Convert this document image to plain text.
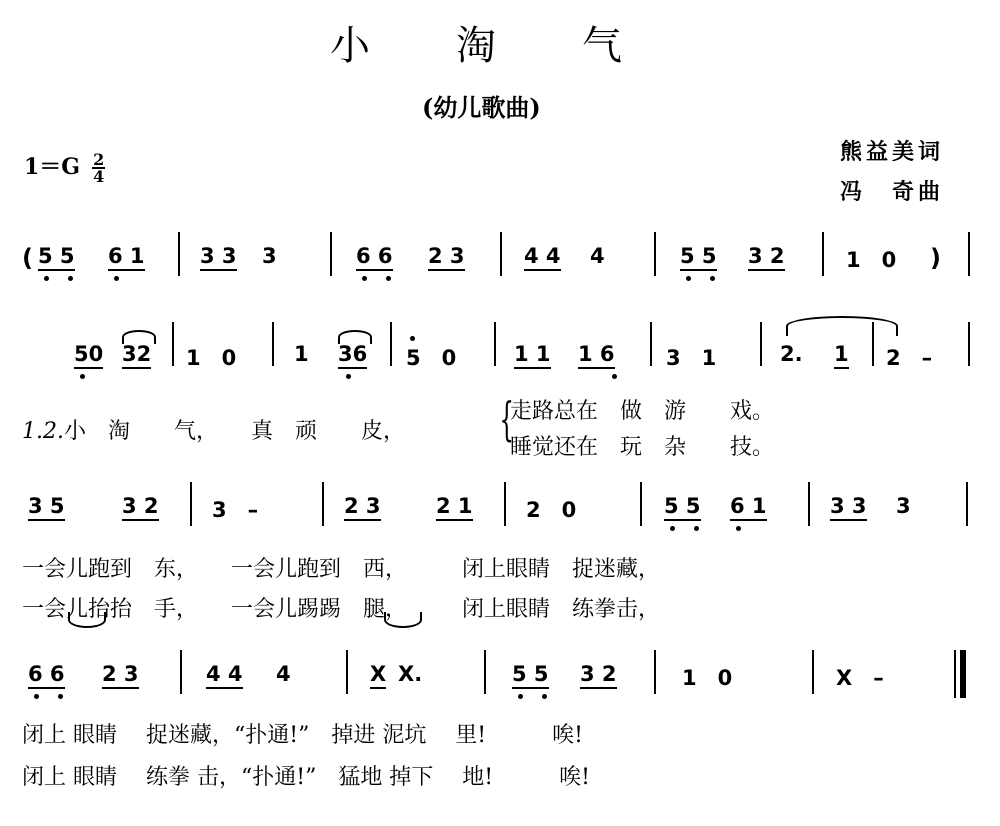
小　　淘　　气
(幼儿歌曲)
$1=G \frac{2}{4}$	熊益美词
冯　奇曲
( 5 5 6 1	3 3 3	6 6 2 3	4 4 4	5 5 3 2	1　0 )
50 32 1　0	1 36 5　0	1 1 1 6 3　1	2. 1 2　–
1.2.小　淘　　气，　　真　顽　　皮， {
走路总在　做　游　　戏。
睡觉还在　玩　杂　　技。
3 5	3 2	3　–	2 3	2 1	2　0	5 5 6 1	3 3 3
一会儿跑到　东，　　一会儿跑到　西，　　　闭上眼睛　捉迷藏，
一会儿抬抬　手，　　一会儿踢踢　腿，　　　闭上眼睛　练拳击，
6 6 2 3	4 4 4	X X.	5 5 3 2	1　0	X　–
闭上 眼睛　 捉迷藏，“扑通!”　掉进 泥坑　 里!　　　唉!
闭上 眼睛　 练拳 击，“扑通!”　猛地 掉下　 地!　　　唉!
